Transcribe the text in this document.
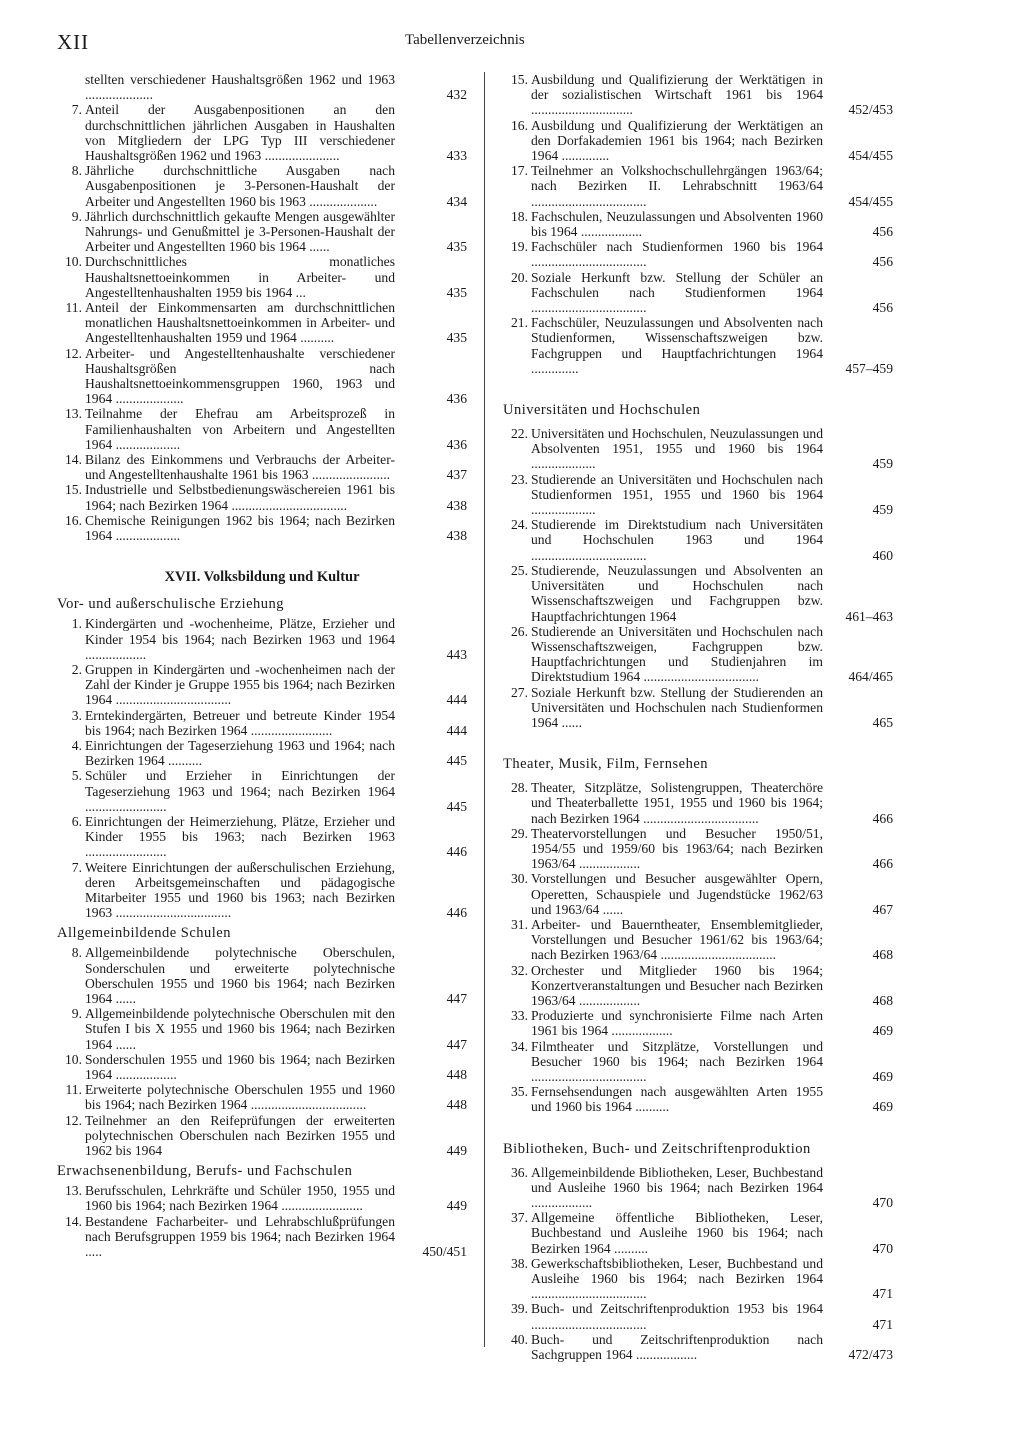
XII	Tabellenverzeichnis
stellten verschiedener Haushaltsgrößen 1962 und 1963 ....................	432
7. Anteil der Ausgabenpositionen an den durchschnittlichen jährlichen Ausgaben in Haushalten von Mitgliedern der LPG Typ III verschiedener Haushaltsgrößen 1962 und 1963 ......................	433
8. Jährliche durchschnittliche Ausgaben nach Ausgabenpositionen je 3-Personen-Haushalt der Arbeiter und Angestellten 1960 bis 1963 ....................	434
9. Jährlich durchschnittlich gekaufte Mengen ausgewählter Nahrungs- und Genußmittel je 3-Personen-Haushalt der Arbeiter und Angestellten 1960 bis 1964 ......	435
10. Durchschnittliches monatliches Haushaltsnettoeinkommen in Arbeiter- und Angestelltenhaushalten 1959 bis 1964 ...	435
11. Anteil der Einkommensarten am durchschnittlichen monatlichen Haushaltsnettoeinkommen in Arbeiter- und Angestelltenhaushalten 1959 und 1964 ..........	435
12. Arbeiter- und Angestelltenhaushalte verschiedener Haushaltsgrößen nach Haushaltsnettoeinkommensgruppen 1960, 1963 und 1964 ....................	436
13. Teilnahme der Ehefrau am Arbeitsprozeß in Familienhaushalten von Arbeitern und Angestellten 1964 ...................	436
14. Bilanz des Einkommens und Verbrauchs der Arbeiter- und Angestelltenhaushalte 1961 bis 1963 .......................	437
15. Industrielle und Selbstbedienungswäschereien 1961 bis 1964; nach Bezirken 1964 ..................................	438
16. Chemische Reinigungen 1962 bis 1964; nach Bezirken 1964 ...................	438
XVII. Volksbildung und Kultur
Vor- und außerschulische Erziehung
1. Kindergärten und -wochenheime, Plätze, Erzieher und Kinder 1954 bis 1964; nach Bezirken 1963 und 1964 ..................	443
2. Gruppen in Kindergärten und -wochenheimen nach der Zahl der Kinder je Gruppe 1955 bis 1964; nach Bezirken 1964 ..................................	444
3. Erntekindergärten, Betreuer und betreute Kinder 1954 bis 1964; nach Bezirken 1964 ........................	444
4. Einrichtungen der Tageserziehung 1963 und 1964; nach Bezirken 1964 ..........	445
5. Schüler und Erzieher in Einrichtungen der Tageserziehung 1963 und 1964; nach Bezirken 1964 ........................	445
6. Einrichtungen der Heimerziehung, Plätze, Erzieher und Kinder 1955 bis 1963; nach Bezirken 1963 ........................	446
7. Weitere Einrichtungen der außerschulischen Erziehung, deren Arbeitsgemeinschaften und pädagogische Mitarbeiter 1955 und 1960 bis 1963; nach Bezirken 1963 ..................................	446
Allgemeinbildende Schulen
8. Allgemeinbildende polytechnische Oberschulen, Sonderschulen und erweiterte polytechnische Oberschulen 1955 und 1960 bis 1964; nach Bezirken 1964 ......	447
9. Allgemeinbildende polytechnische Oberschulen mit den Stufen I bis X 1955 und 1960 bis 1964; nach Bezirken 1964 ......	447
10. Sonderschulen 1955 und 1960 bis 1964; nach Bezirken 1964 ..................	448
11. Erweiterte polytechnische Oberschulen 1955 und 1960 bis 1964; nach Bezirken 1964 ..................................	448
12. Teilnehmer an den Reifeprüfungen der erweiterten polytechnischen Oberschulen nach Bezirken 1955 und 1962 bis 1964	449
Erwachsenenbildung, Berufs- und Fachschulen
13. Berufsschulen, Lehrkräfte und Schüler 1950, 1955 und 1960 bis 1964; nach Bezirken 1964 ........................	449
14. Bestandene Facharbeiter- und Lehrabschlußprüfungen nach Berufsgruppen 1959 bis 1964; nach Bezirken 1964 .....	450/451
15. Ausbildung und Qualifizierung der Werktätigen in der sozialistischen Wirtschaft 1961 bis 1964 ..............................	452/453
16. Ausbildung und Qualifizierung der Werktätigen an den Dorfakademien 1961 bis 1964; nach Bezirken 1964 ..............	454/455
17. Teilnehmer an Volkshochschullehrgängen 1963/64; nach Bezirken II. Lehrabschnitt 1963/64 ..................................	454/455
18. Fachschulen, Neuzulassungen und Absolventen 1960 bis 1964 ..................	456
19. Fachschüler nach Studienformen 1960 bis 1964 ..................................	456
20. Soziale Herkunft bzw. Stellung der Schüler an Fachschulen nach Studienformen 1964 ..................................	456
21. Fachschüler, Neuzulassungen und Absolventen nach Studienformen, Wissenschaftszweigen bzw. Fachgruppen und Hauptfachrichtungen 1964 ..............	457–459
Universitäten und Hochschulen
22. Universitäten und Hochschulen, Neuzulassungen und Absolventen 1951, 1955 und 1960 bis 1964 ...................	459
23. Studierende an Universitäten und Hochschulen nach Studienformen 1951, 1955 und 1960 bis 1964 ...................	459
24. Studierende im Direktstudium nach Universitäten und Hochschulen 1963 und 1964 ..................................	460
25. Studierende, Neuzulassungen und Absolventen an Universitäten und Hochschulen nach Wissenschaftszweigen und Fachgruppen bzw. Hauptfachrichtungen 1964	461–463
26. Studierende an Universitäten und Hochschulen nach Wissenschaftszweigen, Fachgruppen bzw. Hauptfachrichtungen und Studienjahren im Direktstudium 1964 ..................................	464/465
27. Soziale Herkunft bzw. Stellung der Studierenden an Universitäten und Hochschulen nach Studienformen 1964 ......	465
Theater, Musik, Film, Fernsehen
28. Theater, Sitzplätze, Solistengruppen, Theaterchöre und Theaterballette 1951, 1955 und 1960 bis 1964; nach Bezirken 1964 ..................................	466
29. Theatervorstellungen und Besucher 1950/51, 1954/55 und 1959/60 bis 1963/64; nach Bezirken 1963/64 ..................	466
30. Vorstellungen und Besucher ausgewählter Opern, Operetten, Schauspiele und Jugendstücke 1962/63 und 1963/64 ......	467
31. Arbeiter- und Bauerntheater, Ensemblemitglieder, Vorstellungen und Besucher 1961/62 bis 1963/64; nach Bezirken 1963/64 ..................................	468
32. Orchester und Mitglieder 1960 bis 1964; Konzertveranstaltungen und Besucher nach Bezirken 1963/64 ..................	468
33. Produzierte und synchronisierte Filme nach Arten 1961 bis 1964 ..................	469
34. Filmtheater und Sitzplätze, Vorstellungen und Besucher 1960 bis 1964; nach Bezirken 1964 ..................................	469
35. Fernsehsendungen nach ausgewählten Arten 1955 und 1960 bis 1964 ..........	469
Bibliotheken, Buch- und Zeitschriftenproduktion
36. Allgemeinbildende Bibliotheken, Leser, Buchbestand und Ausleihe 1960 bis 1964; nach Bezirken 1964 ..................	470
37. Allgemeine öffentliche Bibliotheken, Leser, Buchbestand und Ausleihe 1960 bis 1964; nach Bezirken 1964 ..........	470
38. Gewerkschaftsbibliotheken, Leser, Buchbestand und Ausleihe 1960 bis 1964; nach Bezirken 1964 ..................................	471
39. Buch- und Zeitschriftenproduktion 1953 bis 1964 ..................................	471
40. Buch- und Zeitschriftenproduktion nach Sachgruppen 1964 ..................	472/473
